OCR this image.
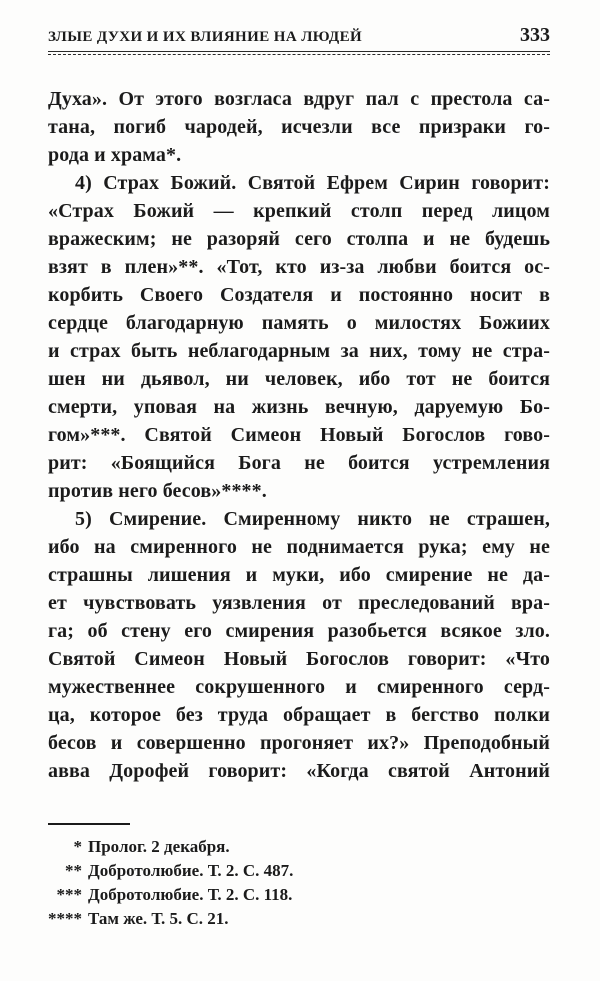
ЗЛЫЕ ДУХИ И ИХ ВЛИЯНИЕ НА ЛЮДЕЙ	333
Духа». От этого возгласа вдруг пал с престола са-
тана, погиб чародей, исчезли все призраки го-
рода и храма*.
4) Страх Божий. Святой Ефрем Сирин говорит:
«Страх Божий — крепкий столп перед лицом
вражеским; не разоряй сего столпа и не будешь
взят в плен»**. «Тот, кто из-за любви боится ос-
корбить Своего Создателя и постоянно носит в
сердце благодарную память о милостях Божиих
и страх быть неблагодарным за них, тому не стра-
шен ни дьявол, ни человек, ибо тот не боится
смерти, уповая на жизнь вечную, даруемую Бо-
гом»***. Святой Симеон Новый Богослов гово-
рит: «Боящийся Бога не боится устремления
против него бесов»****.
5) Смирение. Смиренному никто не страшен,
ибо на смиренного не поднимается рука; ему не
страшны лишения и муки, ибо смирение не да-
ет чувствовать уязвления от преследований вра-
га; об стену его смирения разобьется всякое зло.
Святой Симеон Новый Богослов говорит: «Что
мужественнее сокрушенного и смиренного серд-
ца, которое без труда обращает в бегство полки
бесов и совершенно прогоняет их?» Преподобный
авва Дорофей говорит: «Когда святой Антоний
* Пролог. 2 декабря.
** Добротолюбие. Т. 2. С. 487.
*** Добротолюбие. Т. 2. С. 118.
**** Там же. Т. 5. С. 21.
